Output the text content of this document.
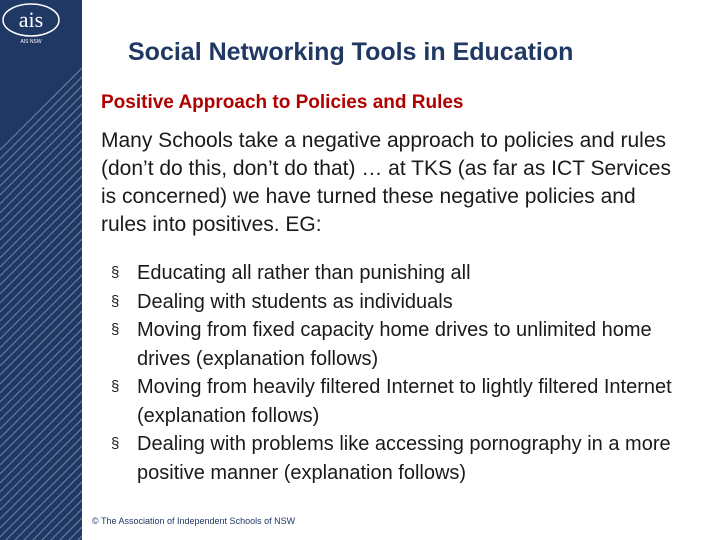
ais
AIS NSW	Social Networking Tools in Education
Positive Approach to Policies and Rules

Many Schools take a negative approach to policies and rules (don’t do this, don’t do that) … at TKS (as far as ICT Services is concerned) we have turned these negative policies and rules into positives. EG:

§ Educating all rather than punishing all
§ Dealing with students as individuals
§ Moving from fixed capacity home drives to unlimited home drives (explanation follows)
§ Moving from heavily filtered Internet to lightly filtered Internet (explanation follows)
§ Dealing with problems like accessing pornography in a more positive manner (explanation follows)
© The Association of Independent Schools of NSW
